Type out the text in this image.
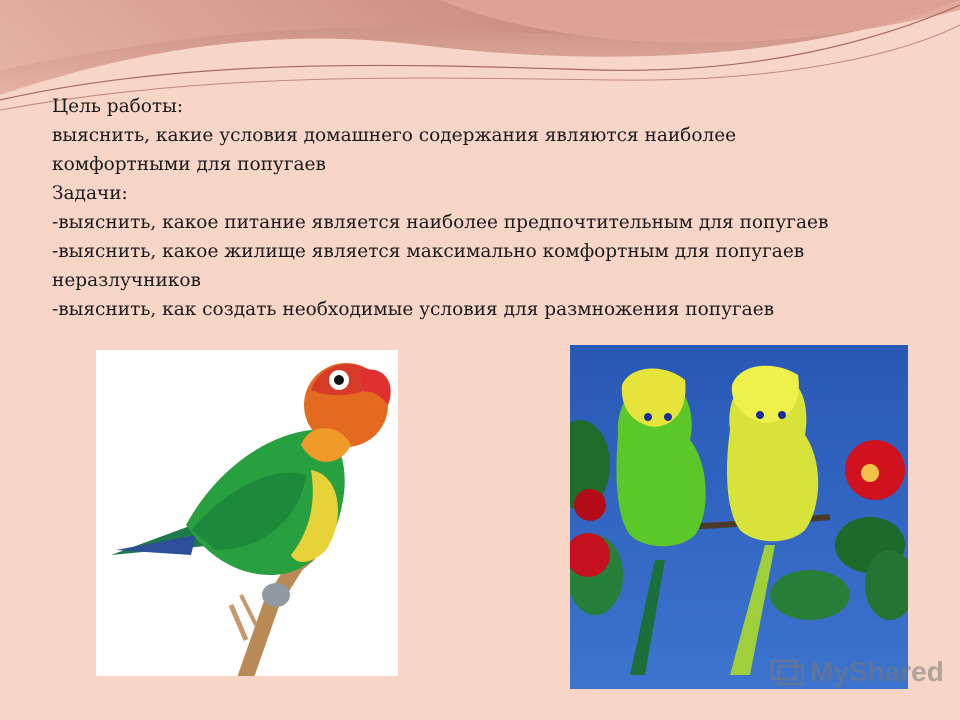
Цель работы:
выяснить, какие условия домашнего содержания являются наиболее
комфортными для попугаев
Задачи:
-выяснить, какое питание является наиболее предпочтительным для попугаев
-выяснить, какое жилище является максимально комфортным для попугаев
неразлучников
-выяснить, как создать необходимые условия для размножения попугаев
MyShared
